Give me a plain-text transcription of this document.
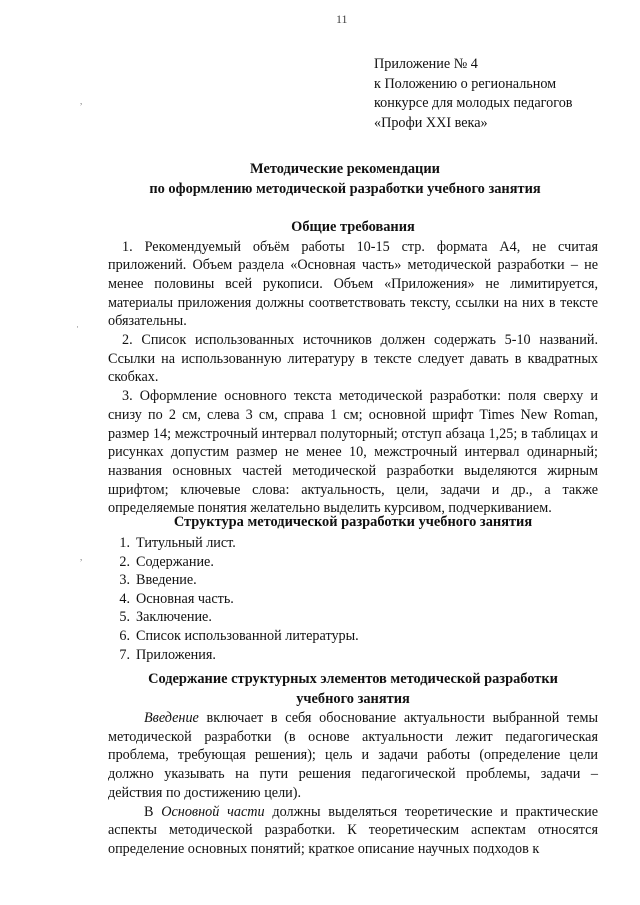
11
Приложение № 4
к Положению о региональном
конкурсе для молодых педагогов
«Профи XXI века»
,
·
,
Методические рекомендации
по оформлению методической разработки учебного занятия
Общие требования

1. Рекомендуемый объём работы 10-15 стр. формата А4, не считая приложений. Объем раздела «Основная часть» методической разработки – не менее половины всей рукописи. Объем «Приложения» не лимитируется, материалы приложения должны соответствовать тексту, ссылки на них в тексте обязательны.

2. Список использованных источников должен содержать 5-10 названий. Ссылки на использованную литературу в тексте следует давать в квадратных скобках.

3. Оформление основного текста методической разработки: поля сверху и снизу по 2 см, слева 3 см, справа 1 см; основной шрифт Times New Roman, размер 14; межстрочный интервал полуторный; отступ абзаца 1,25; в таблицах и рисунках допустим размер не менее 10, межстрочный интервал одинарный; названия основных частей методической разработки выделяются жирным шрифтом; ключевые слова: актуальность, цели, задачи и др., а также определяемые понятия желательно выделить курсивом, подчеркиванием.

Структура методической разработки учебного занятия
1. Титульный лист.
2. Содержание.
3. Введение.
4. Основная часть.
5. Заключение.
6. Список использованной литературы.
7. Приложения.
Содержание структурных элементов методической разработки
учебного занятия

Введение включает в себя обоснование актуальности выбранной темы методической разработки (в основе актуальности лежит педагогическая проблема, требующая решения); цель и задачи работы (определение цели должно указывать на пути решения педагогической проблемы, задачи – действия по достижению цели).

В Основной части должны выделяться теоретические и практические аспекты методической разработки. К теоретическим аспектам относятся определение основных понятий; краткое описание научных подходов к
